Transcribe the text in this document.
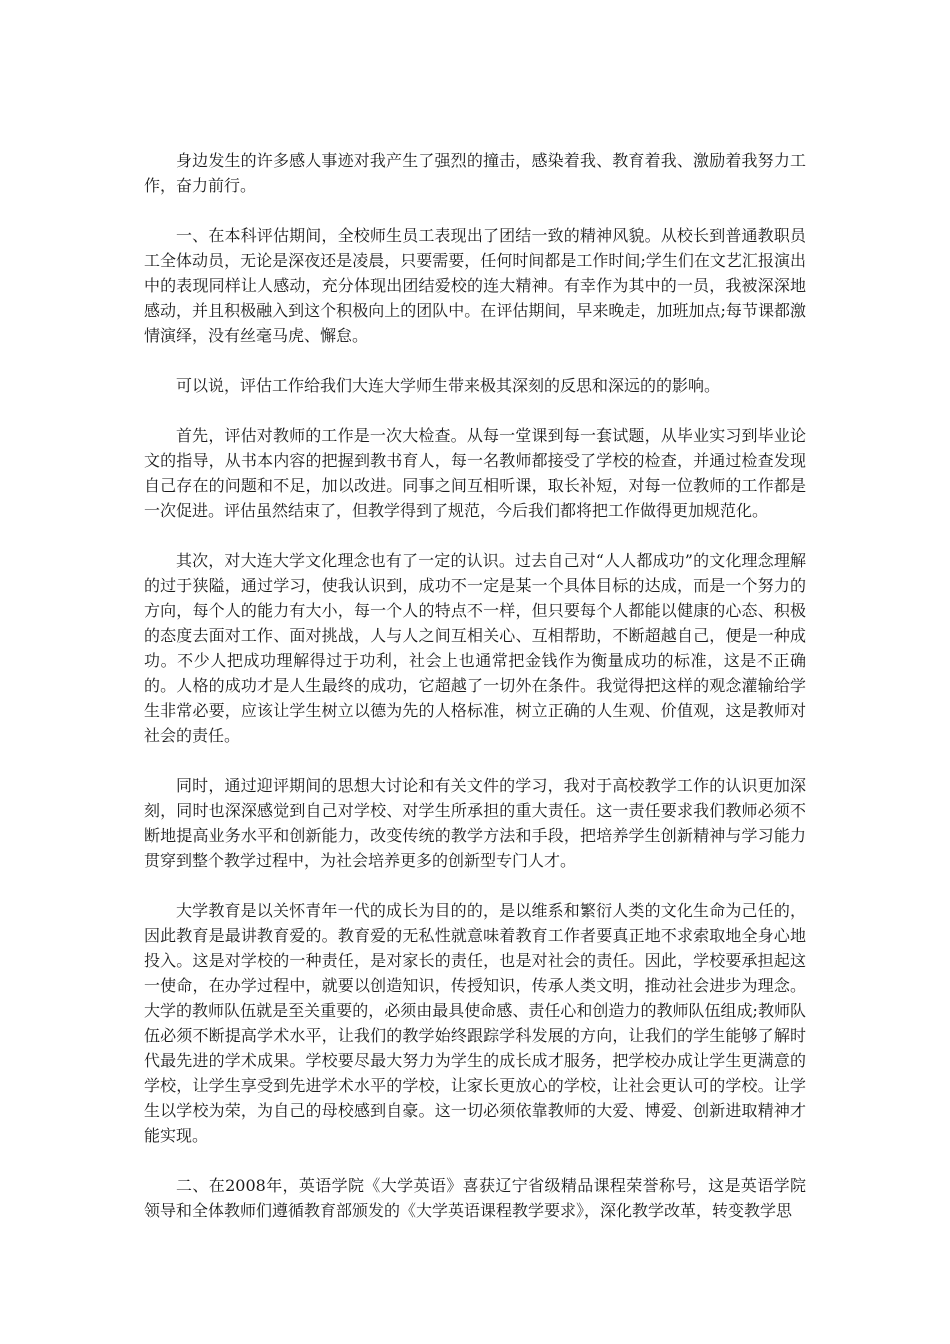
身边发生的许多感人事迹对我产生了强烈的撞击，感染着我、教育着我、激励着我努力工作，奋力前行。

一、在本科评估期间，全校师生员工表现出了团结一致的精神风貌。从校长到普通教职员工全体动员，无论是深夜还是凌晨，只要需要，任何时间都是工作时间;学生们在文艺汇报演出中的表现同样让人感动，充分体现出团结爱校的连大精神。有幸作为其中的一员，我被深深地感动，并且积极融入到这个积极向上的团队中。在评估期间，早来晚走，加班加点;每节课都激情演绎，没有丝毫马虎、懈怠。

可以说，评估工作给我们大连大学师生带来极其深刻的反思和深远的的影响。

首先，评估对教师的工作是一次大检查。从每一堂课到每一套试题，从毕业实习到毕业论文的指导，从书本内容的把握到教书育人，每一名教师都接受了学校的检查，并通过检查发现自己存在的问题和不足，加以改进。同事之间互相听课，取长补短，对每一位教师的工作都是一次促进。评估虽然结束了，但教学得到了规范，今后我们都将把工作做得更加规范化。

其次，对大连大学文化理念也有了一定的认识。过去自己对“人人都成功”的文化理念理解的过于狭隘，通过学习，使我认识到，成功不一定是某一个具体目标的达成，而是一个努力的方向，每个人的能力有大小，每一个人的特点不一样，但只要每个人都能以健康的心态、积极的态度去面对工作、面对挑战，人与人之间互相关心、互相帮助，不断超越自己，便是一种成功。不少人把成功理解得过于功利，社会上也通常把金钱作为衡量成功的标准，这是不正确的。人格的成功才是人生最终的成功，它超越了一切外在条件。我觉得把这样的观念灌输给学生非常必要，应该让学生树立以德为先的人格标准，树立正确的人生观、价值观，这是教师对社会的责任。

同时，通过迎评期间的思想大讨论和有关文件的学习，我对于高校教学工作的认识更加深刻，同时也深深感觉到自己对学校、对学生所承担的重大责任。这一责任要求我们教师必须不断地提高业务水平和创新能力，改变传统的教学方法和手段，把培养学生创新精神与学习能力贯穿到整个教学过程中，为社会培养更多的创新型专门人才。

大学教育是以关怀青年一代的成长为目的的，是以维系和繁衍人类的文化生命为己任的，因此教育是最讲教育爱的。教育爱的无私性就意味着教育工作者要真正地不求索取地全身心地投入。这是对学校的一种责任，是对家长的责任，也是对社会的责任。因此，学校要承担起这一使命，在办学过程中，就要以创造知识，传授知识，传承人类文明，推动社会进步为理念。大学的教师队伍就是至关重要的，必须由最具使命感、责任心和创造力的教师队伍组成;教师队伍必须不断提高学术水平，让我们的教学始终跟踪学科发展的方向，让我们的学生能够了解时代最先进的学术成果。学校要尽最大努力为学生的成长成才服务，把学校办成让学生更满意的学校，让学生享受到先进学术水平的学校，让家长更放心的学校，让社会更认可的学校。让学生以学校为荣，为自己的母校感到自豪。这一切必须依靠教师的大爱、博爱、创新进取精神才能实现。

二、在2008年，英语学院《大学英语》喜获辽宁省级精品课程荣誉称号，这是英语学院领导和全体教师们遵循教育部颁发的《大学英语课程教学要求》，深化教学改革，转变教学思
